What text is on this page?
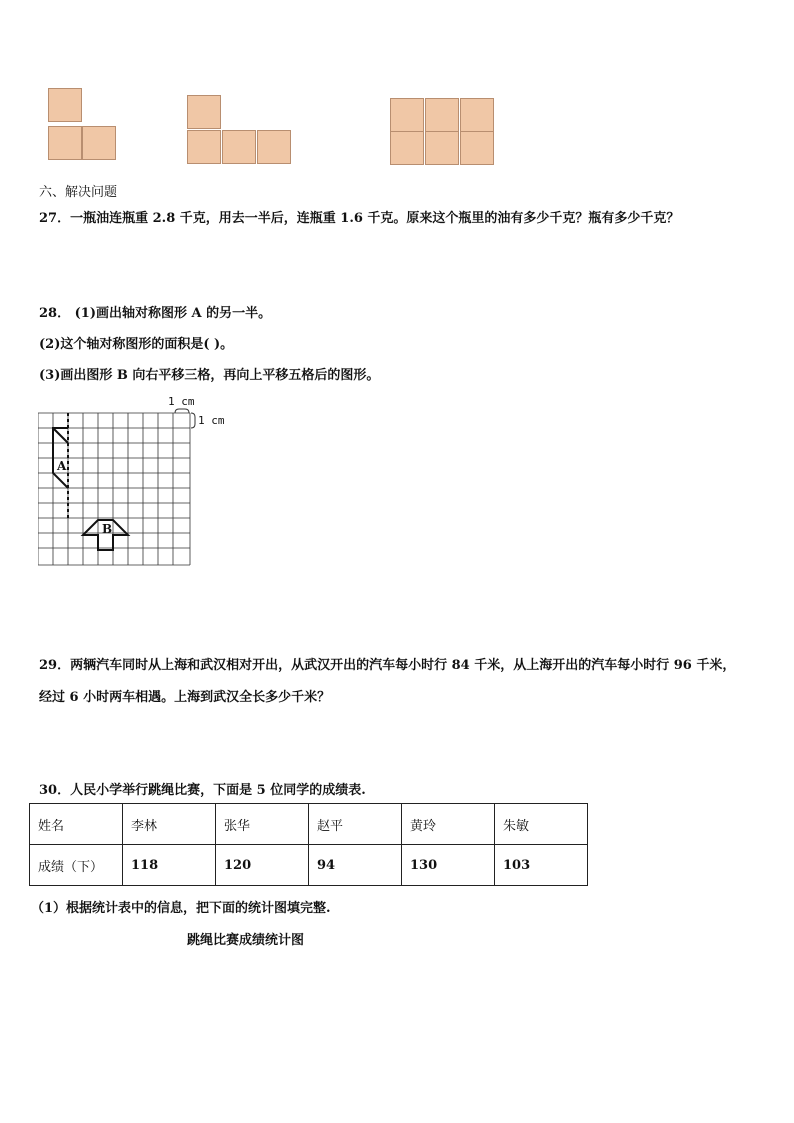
六、解决问题
27．一瓶油连瓶重 2.8 千克，用去一半后，连瓶重 1.6 千克。原来这个瓶里的油有多少千克？瓶有多少千克？
28． (1)画出轴对称图形 A 的另一半。
(2)这个轴对称图形的面积是( )。
(3)画出图形 B 向右平移三格，再向上平移五格后的图形。
1 cm
1 cm
A
B
29．两辆汽车同时从上海和武汉相对开出，从武汉开出的汽车每小时行 84 千米，从上海开出的汽车每小时行 96 千米，
经过 6 小时两车相遇。上海到武汉全长多少千米？
30．人民小学举行跳绳比赛，下面是 5 位同学的成绩表.
姓名	李林	张华	赵平	黄玲	朱敏
成绩（下）	118	120	94	130	103
（1）根据统计表中的信息，把下面的统计图填完整.
跳绳比赛成绩统计图
